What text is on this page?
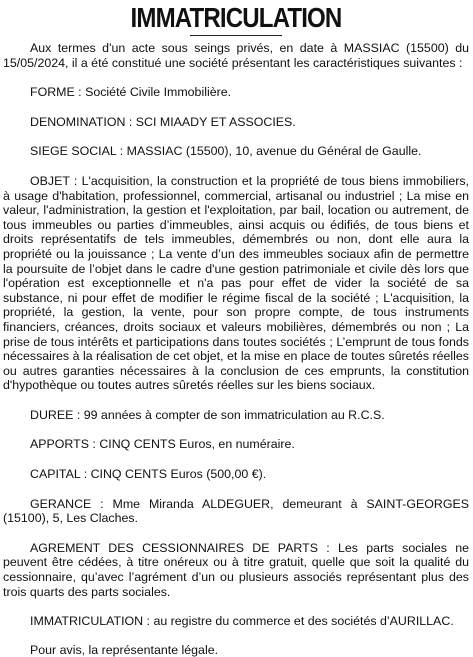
IMMATRICULATION

Aux termes d'un acte sous seings privés, en date à MASSIAC (15500) du 15/05/2024, il a été constitué une société présentant les caractéristiques suivantes :

FORME : Société Civile Immobilière.

DENOMINATION : SCI MIAADY ET ASSOCIES.

SIEGE SOCIAL : MASSIAC (15500), 10, avenue du Général de Gaulle.

OBJET : L'acquisition, la construction et la propriété de tous biens immobiliers, à usage d'habitation, professionnel, commercial, artisanal ou industriel ; La mise en valeur, l'administration, la gestion et l'exploitation, par bail, location ou autrement, de tous immeubles ou parties d’immeubles, ainsi acquis ou édifiés, de tous biens et droits représentatifs de tels immeubles, démembrés ou non, dont elle aura la propriété ou la jouissance ; La vente d’un des immeubles sociaux afin de permettre la poursuite de l’objet dans le cadre d'une gestion patrimoniale et civile dès lors que l'opération est exceptionnelle et n'a pas pour effet de vider la société de sa substance, ni pour effet de modifier le régime fiscal de la société ; L'acquisition, la propriété, la gestion, la vente, pour son propre compte, de tous instruments financiers, créances, droits sociaux et valeurs mobilières, démembrés ou non ; La prise de tous intérêts et participations dans toutes sociétés ; L’emprunt de tous fonds nécessaires à la réalisation de cet objet, et la mise en place de toutes sûretés réelles ou autres garanties nécessaires à la conclusion de ces emprunts, la constitution d'hypothèque ou toutes autres sûretés réelles sur les biens sociaux.

DUREE : 99 années à compter de son immatriculation au R.C.S.

APPORTS : CINQ CENTS Euros, en numéraire.

CAPITAL : CINQ CENTS Euros (500,00 €).

GERANCE : Mme Miranda ALDEGUER, demeurant à SAINT-GEORGES (15100), 5, Les Claches.

AGREMENT DES CESSIONNAIRES DE PARTS : Les parts sociales ne peuvent être cédées, à titre onéreux ou à titre gratuit, quelle que soit la qualité du cessionnaire, qu’avec l’agrément d’un ou plusieurs associés représentant plus des trois quarts des parts sociales.

IMMATRICULATION : au registre du commerce et des sociétés d’AURILLAC.

Pour avis, la représentante légale.
